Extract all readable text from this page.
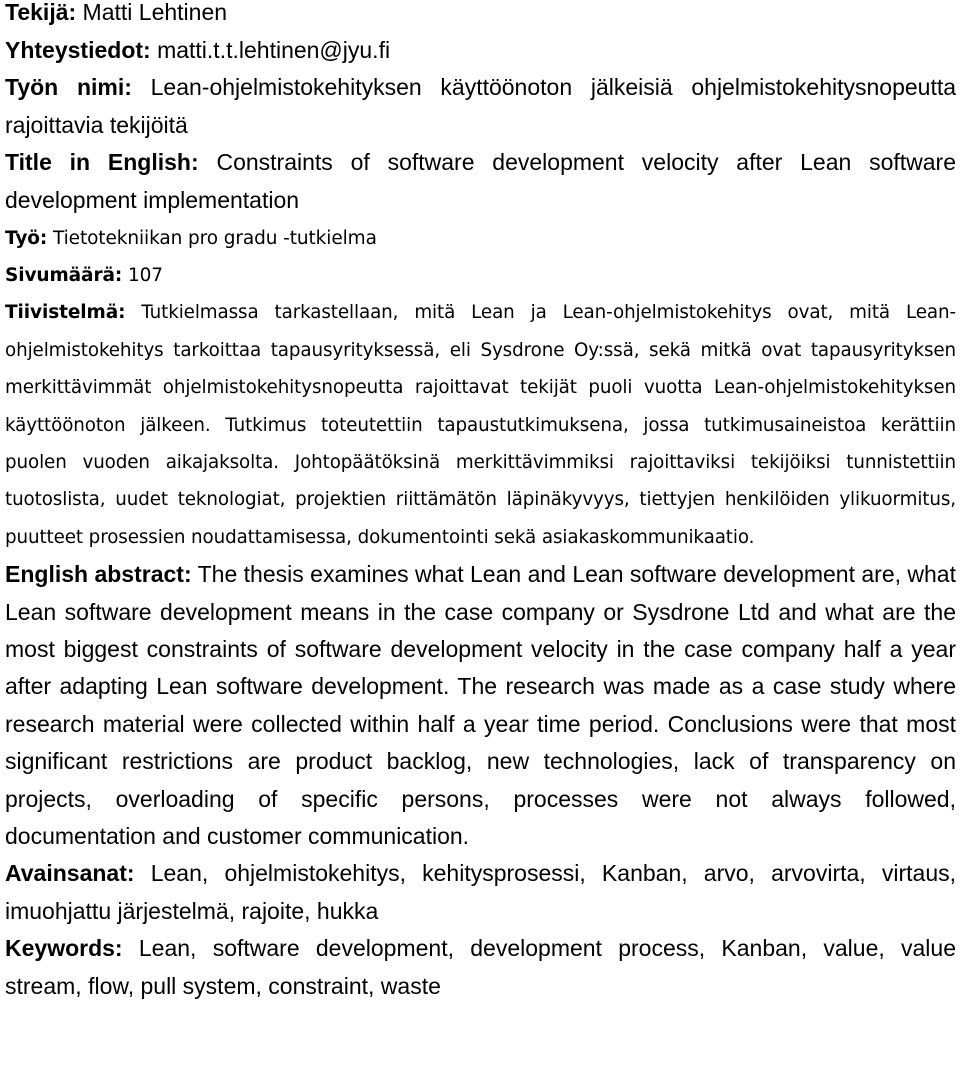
Tekijä: Matti Lehtinen

Yhteystiedot: matti.t.t.lehtinen@jyu.fi

Työn nimi: Lean-ohjelmistokehityksen käyttöönoton jälkeisiä ohjelmistokehitysnopeutta rajoittavia tekijöitä

Title in English: Constraints of software development velocity after Lean software development implementation

Työ: Tietotekniikan pro gradu -tutkielma

Sivumäärä: 107

Tiivistelmä: Tutkielmassa tarkastellaan, mitä Lean ja Lean-ohjelmistokehitys ovat, mitä Lean-ohjelmistokehitys tarkoittaa tapausyrityksessä, eli Sysdrone Oy:ssä, sekä mitkä ovat tapausyrityksen merkittävimmät ohjelmistokehitysnopeutta rajoittavat tekijät puoli vuotta Lean-ohjelmistokehityksen käyttöönoton jälkeen. Tutkimus toteutettiin tapaustutkimuksena, jossa tutkimusaineistoa kerättiin puolen vuoden aikajaksolta. Johtopäätöksinä merkittävimmiksi rajoittaviksi tekijöiksi tunnistettiin tuotoslista, uudet teknologiat, projektien riittämätön läpinäkyvyys, tiettyjen henkilöiden ylikuormitus, puutteet prosessien noudattamisessa, dokumentointi sekä asiakaskommunikaatio.

English abstract: The thesis examines what Lean and Lean software development are, what Lean software development means in the case company or Sysdrone Ltd and what are the most biggest constraints of software development velocity in the case company half a year after adapting Lean software development. The research was made as a case study where research material were collected within half a year time period. Conclusions were that most significant restrictions are product backlog, new technologies, lack of transparency on projects, overloading of specific persons, processes were not always followed, documentation and customer communication.

Avainsanat: Lean, ohjelmistokehitys, kehitysprosessi, Kanban, arvo, arvovirta, virtaus, imuohjattu järjestelmä, rajoite, hukka

Keywords: Lean, software development, development process, Kanban, value, value stream, flow, pull system, constraint, waste
